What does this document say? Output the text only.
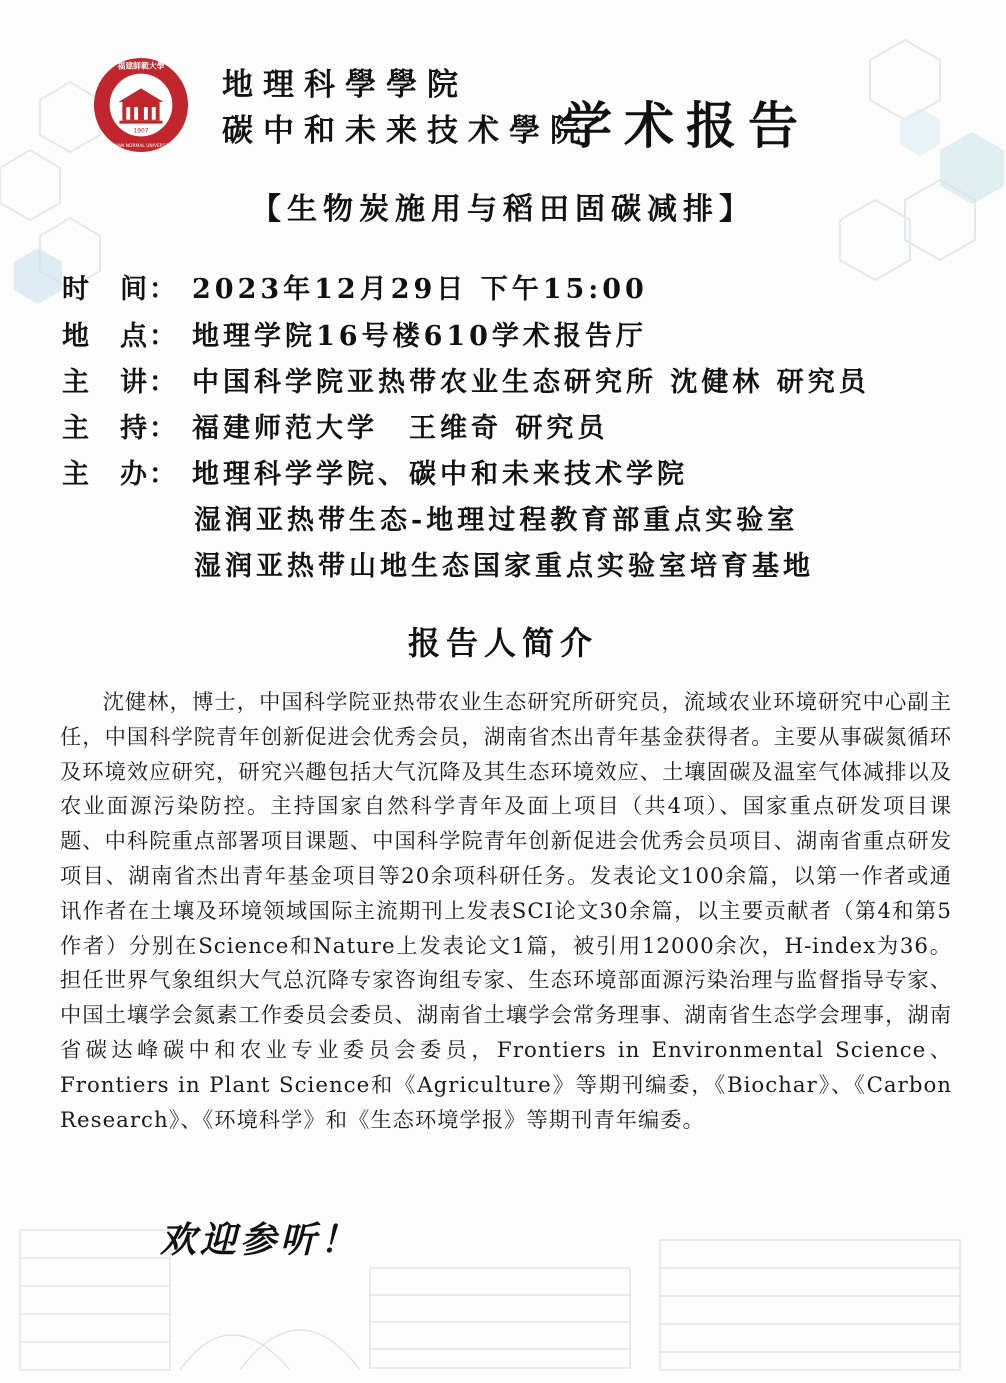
福建師範大學
1907
FUJIAN NORMAL UNIVERSITY
地理科學學院
碳中和未来技术學院
学术报告
【生物炭施用与稻田固碳减排】
时　间： 2023年12月29日 下午15:00
地　点： 地理学院16号楼610学术报告厅
主　讲： 中国科学院亚热带农业生态研究所 沈健林 研究员
主　持： 福建师范大学　王维奇 研究员
主　办： 地理科学学院、碳中和未来技术学院
湿润亚热带生态-地理过程教育部重点实验室
湿润亚热带山地生态国家重点实验室培育基地
报告人简介
沈健林，博士，中国科学院亚热带农业生态研究所研究员，流域农业环境研究中心副主任，中国科学院青年创新促进会优秀会员，湖南省杰出青年基金获得者。主要从事碳氮循环及环境效应研究，研究兴趣包括大气沉降及其生态环境效应、土壤固碳及温室气体减排以及农业面源污染防控。主持国家自然科学青年及面上项目（共4项）、国家重点研发项目课题、中科院重点部署项目课题、中国科学院青年创新促进会优秀会员项目、湖南省重点研发项目、湖南省杰出青年基金项目等20余项科研任务。发表论文100余篇，以第一作者或通讯作者在土壤及环境领域国际主流期刊上发表SCI论文30余篇，以主要贡献者（第4和第5作者）分别在Science和Nature上发表论文1篇，被引用12000余次，H-index为36。担任世界气象组织大气总沉降专家咨询组专家、生态环境部面源污染治理与监督指导专家、中国土壤学会氮素工作委员会委员、湖南省土壤学会常务理事、湖南省生态学会理事，湖南省碳达峰碳中和农业专业委员会委员，Frontiers in Environmental Science、Frontiers in Plant Science和《Agriculture》等期刊编委，《Biochar》、《Carbon Research》、《环境科学》和《生态环境学报》等期刊青年编委。
欢迎参听！
